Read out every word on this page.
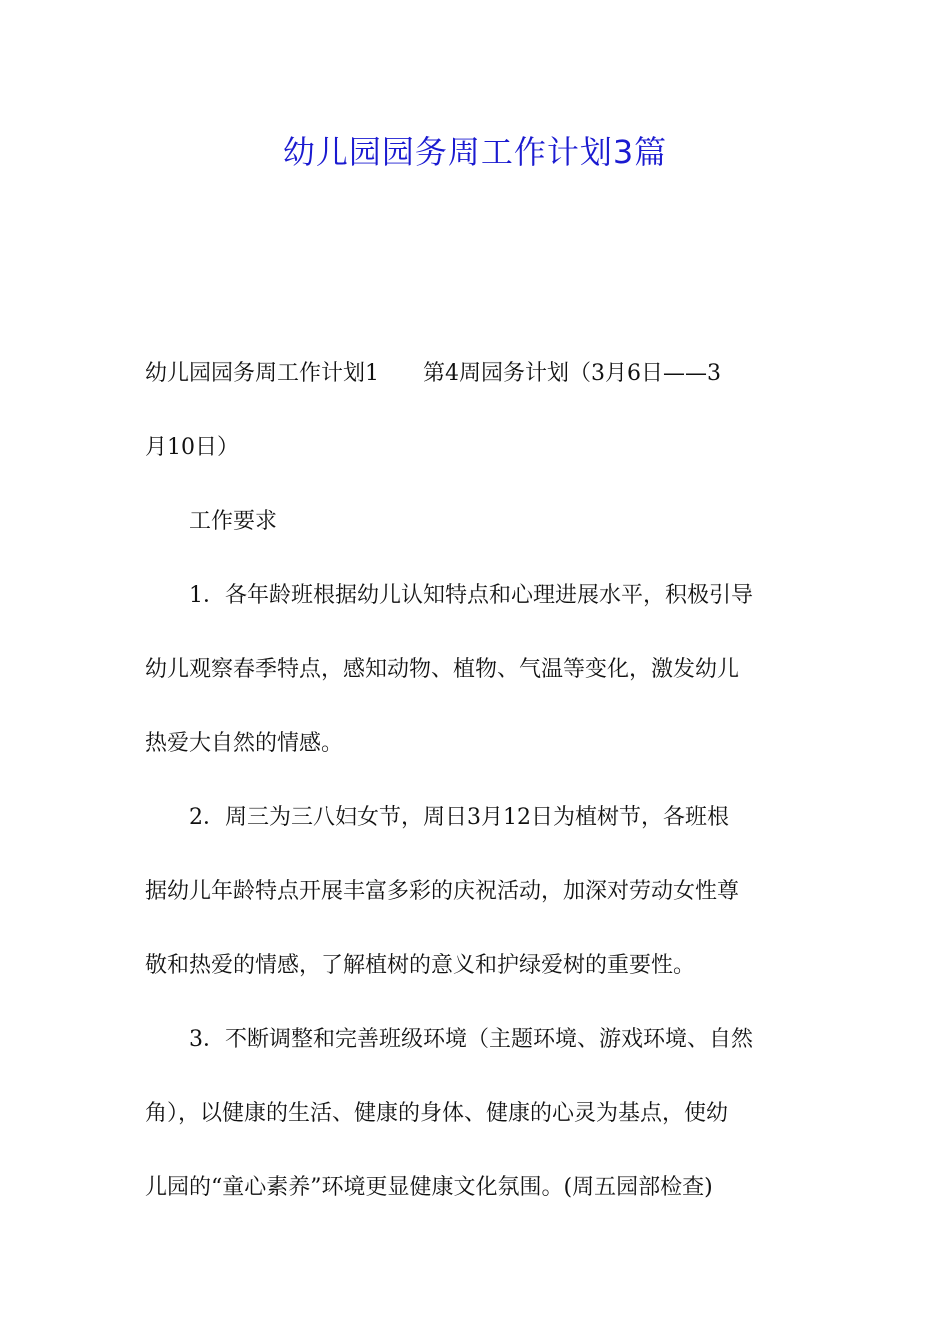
幼儿园园务周工作计划3篇

幼儿园园务周工作计划1 第4周园务计划（3月6日——3
月10日）

工作要求

1．各年龄班根据幼儿认知特点和心理进展水平，积极引导
幼儿观察春季特点，感知动物、植物、气温等变化，激发幼儿
热爱大自然的情感。

2．周三为三八妇女节，周日3月12日为植树节，各班根
据幼儿年龄特点开展丰富多彩的庆祝活动，加深对劳动女性尊
敬和热爱的情感，了解植树的意义和护绿爱树的重要性。

3．不断调整和完善班级环境（主题环境、游戏环境、自然
角），以健康的生活、健康的身体、健康的心灵为基点，使幼
儿园的“童心素养”环境更显健康文化氛围。(周五园部检查)
